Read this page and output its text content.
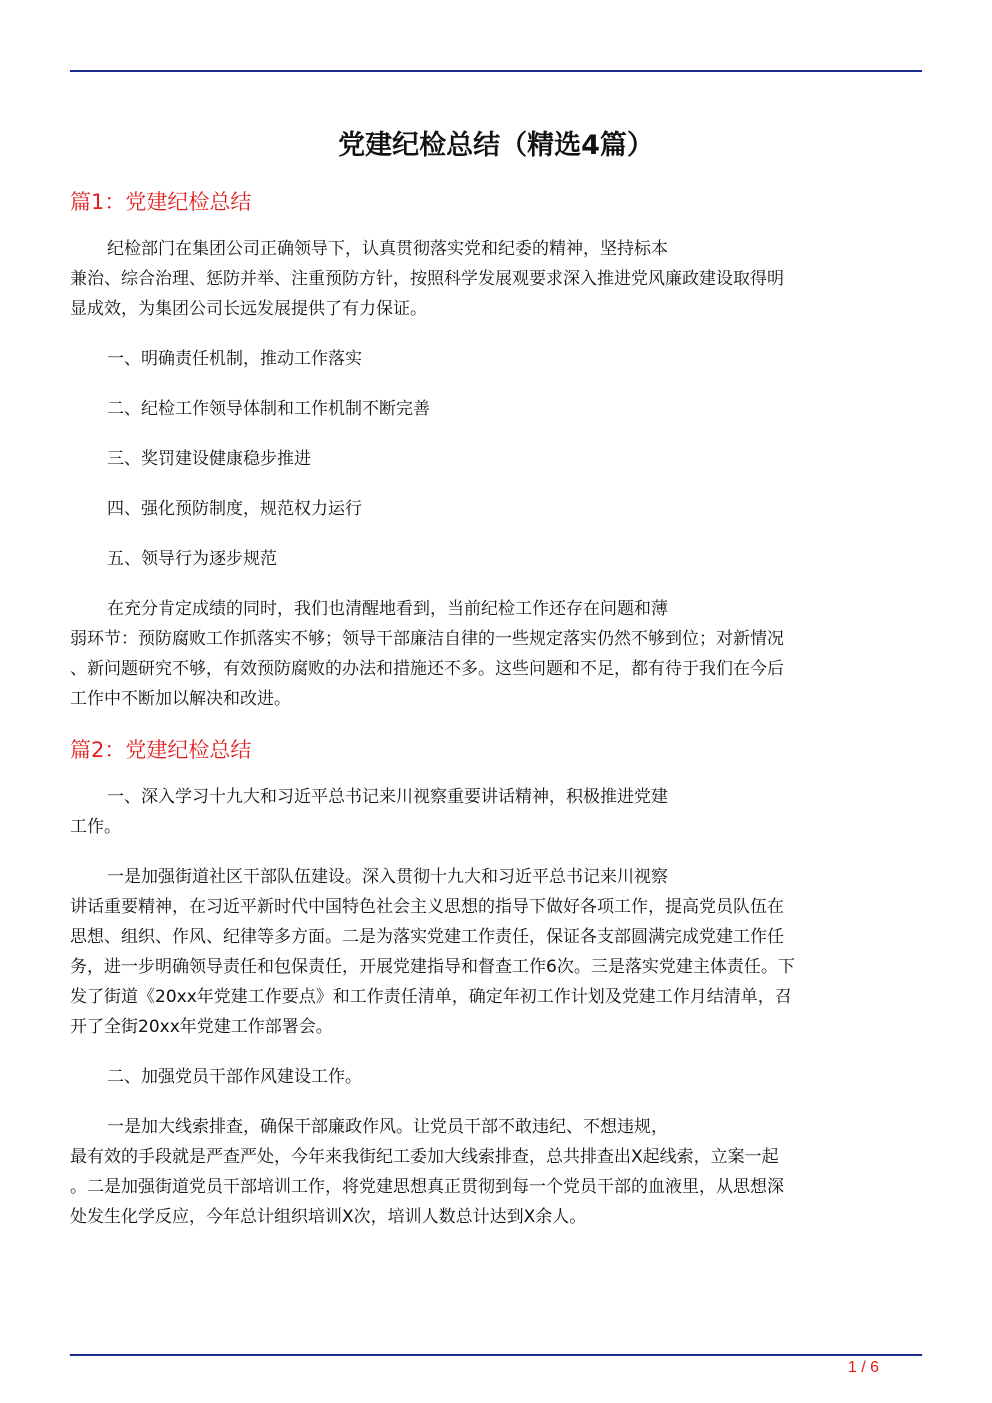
党建纪检总结（精选4篇）
篇1：党建纪检总结

纪检部门在集团公司正确领导下，认真贯彻落实党和纪委的精神，坚持标本
兼治、综合治理、惩防并举、注重预防方针，按照科学发展观要求深入推进党风廉政建设取得明
显成效，为集团公司长远发展提供了有力保证。

一、明确责任机制，推动工作落实

二、纪检工作领导体制和工作机制不断完善

三、奖罚建设健康稳步推进

四、强化预防制度，规范权力运行

五、领导行为逐步规范

在充分肯定成绩的同时，我们也清醒地看到，当前纪检工作还存在问题和薄
弱环节：预防腐败工作抓落实不够；领导干部廉洁自律的一些规定落实仍然不够到位；对新情况
、新问题研究不够，有效预防腐败的办法和措施还不多。这些问题和不足，都有待于我们在今后
工作中不断加以解决和改进。

篇2：党建纪检总结

一、深入学习十九大和习近平总书记来川视察重要讲话精神，积极推进党建
工作。

一是加强街道社区干部队伍建设。深入贯彻十九大和习近平总书记来川视察
讲话重要精神，在习近平新时代中国特色社会主义思想的指导下做好各项工作，提高党员队伍在
思想、组织、作风、纪律等多方面。二是为落实党建工作责任，保证各支部圆满完成党建工作任
务，进一步明确领导责任和包保责任，开展党建指导和督查工作6次。三是落实党建主体责任。下
发了街道《20xx年党建工作要点》和工作责任清单，确定年初工作计划及党建工作月结清单，召
开了全街20xx年党建工作部署会。

二、加强党员干部作风建设工作。

一是加大线索排查，确保干部廉政作风。让党员干部不敢违纪、不想违规，
最有效的手段就是严查严处，今年来我街纪工委加大线索排查，总共排查出X起线索，立案一起
。二是加强街道党员干部培训工作，将党建思想真正贯彻到每一个党员干部的血液里，从思想深
处发生化学反应，今年总计组织培训X次，培训人数总计达到X余人。

1 / 6
